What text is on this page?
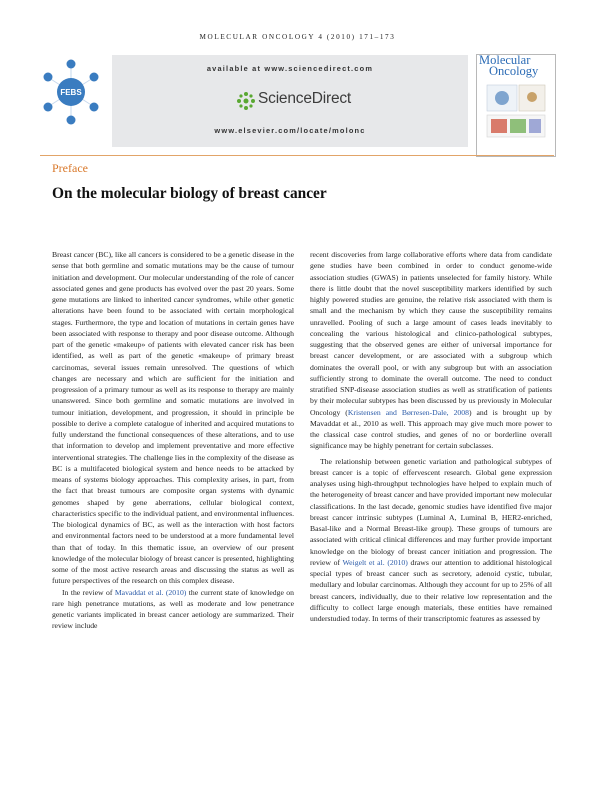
MOLECULAR ONCOLOGY 4 (2010) 171–173
FEBS
available at www.sciencedirect.com
ScienceDirect
www.elsevier.com/locate/molonc
Molecular
Oncology
Preface
On the molecular biology of breast cancer

Breast cancer (BC), like all cancers is considered to be a genetic disease in the sense that both germline and somatic mutations may be the cause of tumour initiation and development. Our molecular understanding of the role of cancer associated genes and gene products has evolved over the past 20 years. Some gene mutations are linked to inherited cancer syndromes, while other genetic alterations have been found to be associated with certain morphological stages. Furthermore, the type and location of mutations in certain genes have been associated with response to therapy and poor disease outcome. Although part of the genetic «makeup» of patients with elevated cancer risk has been identified, as well as part of the genetic «makeup» of primary breast carcinomas, several issues remain unresolved. The questions of which changes are necessary and which are sufficient for the initiation and progression of a primary tumour as well as its response to therapy are mainly unanswered. Since both germline and somatic mutations are involved in tumour initiation, development, and progression, it should in principle be possible to derive a complete catalogue of inherited and acquired mutations to fully understand the functional consequences of these alterations, and to use that information to develop and implement preventative and more effective interventional strategies. The challenge lies in the complexity of the disease as BC is a multifaceted biological system and hence needs to be attacked by means of systems biology approaches. This complexity arises, in part, from the fact that breast tumours are composite organ systems with dynamic genomes shaped by gene aberrations, cellular biological context, characteristics specific to the individual patient, and environmental influences. The biological dynamics of BC, as well as the interaction with host factors and environmental factors need to be understood at a more fundamental level than that of today. In this thematic issue, an overview of our present knowledge of the molecular biology of breast cancer is presented, highlighting some of the most active research areas and discussing the status as well as future perspectives of the research on this complex disease.

In the review of Mavaddat et al. (2010) the current state of knowledge on rare high penetrance mutations, as well as moderate and low penetrance genetic variants implicated in breast cancer aetiology are summarized. Their review include

recent discoveries from large collaborative efforts where data from candidate gene studies have been combined in order to conduct genome-wide association studies (GWAS) in patients unselected for family history. While there is little doubt that the novel susceptibility markers identified by such highly powered studies are genuine, the relative risk associated with them is small and the mechanism by which they cause the susceptibility remains unravelled. Pooling of such a large amount of cases leads inevitably to concealing the various histological and clinico-pathological subtypes, suggesting that the observed genes are either of universal importance for breast cancer development, or are associated with a subgroup which dominates the overall pool, or with any subgroup but with an association sufficiently strong to dominate the overall outcome. The need to conduct stratified SNP-disease association studies as well as stratification of patients by their molecular subtypes has been discussed by us previously in Molecular Oncology (Kristensen and Børresen-Dale, 2008) and is brought up by Mavaddat et al., 2010 as well. This approach may give much more power to the classical case control studies, and genes of no or borderline overall significance may be highly penetrant for certain subclasses.

The relationship between genetic variation and pathological subtypes of breast cancer is a topic of effervescent research. Global gene expression analyses using high-throughput technologies have helped to explain much of the heterogeneity of breast cancer and have provided important new molecular classifications. In the last decade, genomic studies have identified five major breast cancer intrinsic subtypes (Luminal A, Luminal B, HER2-enriched, Basal-like and a Normal Breast-like group). These groups of tumours are associated with critical clinical differences and may further provide important knowledge on the biology of breast cancer initiation and progression. The review of Weigelt et al. (2010) draws our attention to additional histological special types of breast cancer such as secretory, adenoid cystic, tubular, medullary and lobular carcinomas. Although they account for up to 25% of all breast cancers, individually, due to their relative low representation and the difficulty to collect large enough materials, these entities have remained understudied today. In terms of their transcriptomic features as assessed by
